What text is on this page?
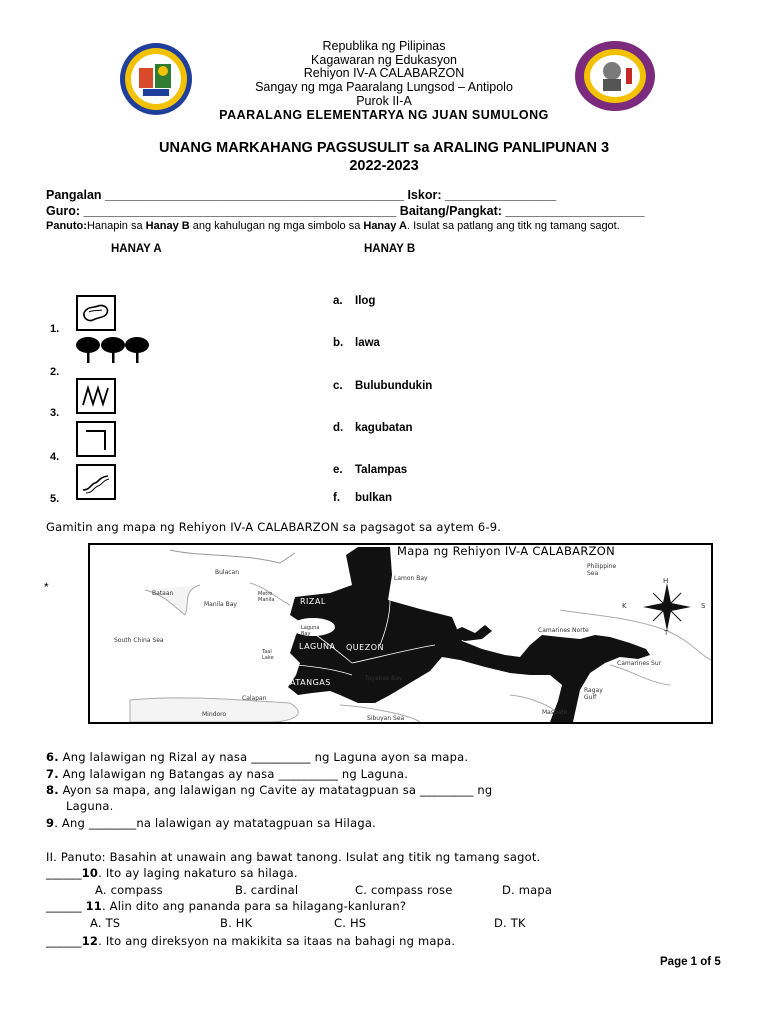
2002
Republika ng Pilipinas
Kagawaran ng Edukasyon
Rehiyon IV-A CALABARZON
Sangay ng mga Paaralang Lungsod – Antipolo
Purok II-A
PAARALANG ELEMENTARYA NG JUAN SUMULONG
UNANG MARKAHANG PAGSUSULIT sa ARALING PANLIPUNAN 3
2022-2023
Pangalan ___________________________________________ Iskor: ________________
Guro: _____________________________________________ Baitang/Pangkat: ____________________
Panuto:Hanapin sa Hanay B ang kahulugan ng mga simbolo sa Hanay A. Isulat sa patlang ang titk ng tamang sagot.
HANAY A	HANAY B
1.
2.
3.
4.
5.
a. Ilog
b. lawa
c. Bulubundukin
d. kagubatan
e. Talampas
f. bulkan
Gamitin ang mapa ng Rehiyon IV-A CALABARZON sa pagsagot sa aytem 6-9.
*
Mapa ng Rehiyon IV-A CALABARZON
Bulacan
Bataan
Manila Bay
Metro Manila	RIZAL
South China Sea
CAVITE
Laguna Bay
LAGUNA
Taal Lake
QUEZON
BATANGAS	Tayabas Bay
Lamon Bay
Philippine Sea
Camarines Norte
Camarines Sur
Ragay Gulf
Mindoro
Calapan
Sibuyan Sea
Masbate
H
T
S
K
6. Ang lalawigan ng Rizal ay nasa __________ ng Laguna ayon sa mapa.
7. Ang lalawigan ng Batangas ay nasa __________ ng Laguna.
8. Ayon sa mapa, ang lalawigan ng Cavite ay matatagpuan sa _________ ng
Laguna.
9. Ang ________na lalawigan ay matatagpuan sa Hilaga.
II. Panuto: Basahin at unawain ang bawat tanong. Isulat ang titik ng tamang sagot.
______10. Ito ay laging nakaturo sa hilaga.
A. compass	B. cardinal	C. compass rose	D. mapa
______ 11. Alin dito ang pananda para sa hilagang-kanluran?
A. TS	B. HK	C. HS	D. TK
______12. Ito ang direksyon na makikita sa itaas na bahagi ng mapa.
Page 1 of 5
